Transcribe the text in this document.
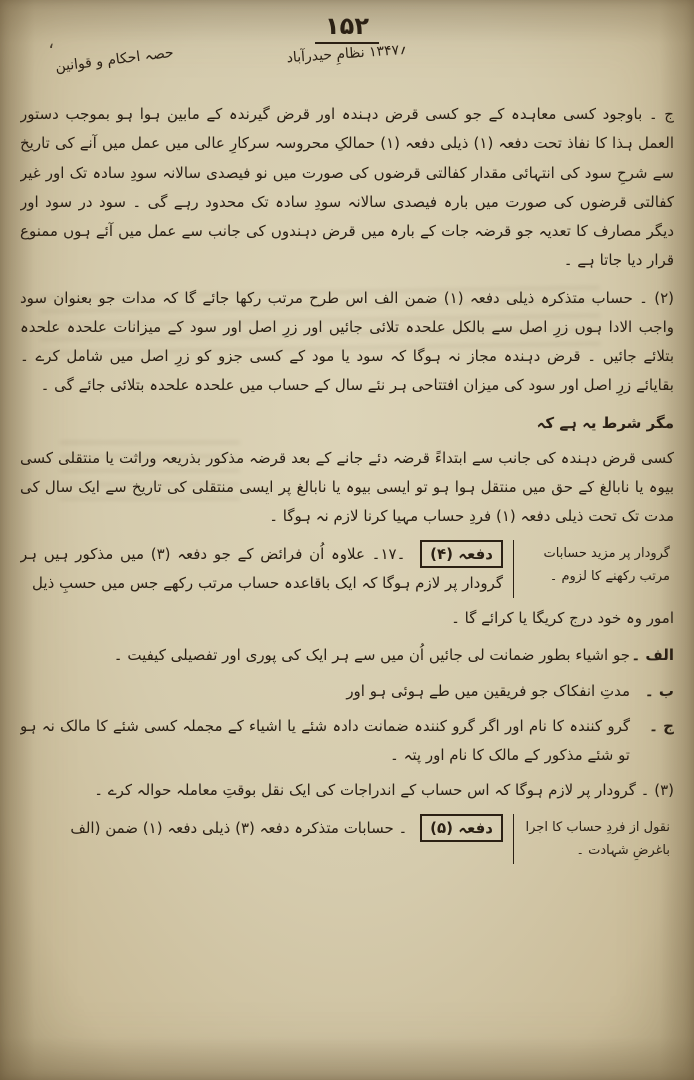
۱۵۲
؍۱۳۴۷ نظامِ حیدرآباد
حصہ احکام و قوانین
،

ج ۔ باوجود کسی معاہدہ کے جو کسی قرض دہندہ اور قرض گیرندہ کے مابین ہوا ہو بموجب دستور العمل ہذا کا نفاذ تحت دفعہ (۱) ذیلی دفعہ (۱) حمالکِ محروسہ سرکارِ عالی میں عمل میں آنے کی تاریخ سے شرحِ سود کی انتہائی مقدار کفالتی قرضوں کی صورت میں نو فیصدی سالانہ سودِ سادہ تک اور غیر کفالتی قرضوں کی صورت میں بارہ فیصدی سالانہ سودِ سادہ تک محدود رہے گی ۔ سود در سود اور دیگر مصارف کا تعدیہ جو قرضہ جات کے بارہ میں قرض دہندوں کی جانب سے عمل میں آئے ہوں ممنوع قرار دیا جاتا ہے ۔

(۲) ۔ حساب متذکرہ ذیلی دفعہ (۱) ضمن الف اس طرح مرتب رکھا جائے گا کہ مدات جو بعنوان سود واجب الادا ہوں زرِ اصل سے بالکل علحدہ تلائی جائیں اور زرِ اصل اور سود کے میزانات علحدہ علحدہ بتلائے جائیں ۔ قرض دہندہ مجاز نہ ہوگا کہ سود یا مود کے کسی جزو کو زرِ اصل میں شامل کرے ۔ بقایائے زرِ اصل اور سود کی میزان افتتاحی ہر نئے سال کے حساب میں علحدہ علحدہ بتلائی جائے گی ۔

مگر شرط یہ ہے کہ

کسی قرض دہندہ کی جانب سے ابتداءً قرضہ دئے جانے کے بعد قرضہ مذکور بذریعہ وراثت یا منتقلی کسی بیوہ یا نابالغ کے حق میں منتقل ہوا ہو تو ایسی بیوہ یا نابالغ پر ایسی منتقلی کی تاریخ سے ایک سال کی مدت تک تحت ذیلی دفعہ (۱) فردِ حساب مہیا کرنا لازم نہ ہوگا ۔

گرودار پر مزید حسابات مرتب رکھنے کا لزوم ۔
دفعہ (۴) ۔۱۷۔ علاوہ اُن فرائض کے جو دفعہ (۳) میں مذکور ہیں ہر گرودار پر لازم ہوگا کہ ایک باقاعدہ حساب مرتب رکھے جس میں حسبِ ذیل

امور وہ خود درج کریگا یا کرائے گا ۔

الف ۔
جو اشیاء بطور ضمانت لی جائیں اُن میں سے ہر ایک کی پوری اور تفصیلی کیفیت ۔
ب ۔
مدتِ انفکاک جو فریقین میں طے ہوئی ہو اور
ج ۔
گرو کنندہ کا نام اور اگر گرو کنندہ ضمانت دادہ شئے یا اشیاء کے مجملہ کسی شئے کا مالک نہ ہو تو شئے مذکور کے مالک کا نام اور پتہ ۔

(۳) ۔ گرودار پر لازم ہوگا کہ اس حساب کے اندراجات کی ایک نقل بوقتِ معاملہ حوالہ کرے ۔

نقول از فردِ حساب کا اجرا باغرضِ شہادت ۔
دفعہ (۵) ۔ حسابات متذکرہ دفعہ (۳) ذیلی دفعہ (۱) ضمن (الف
